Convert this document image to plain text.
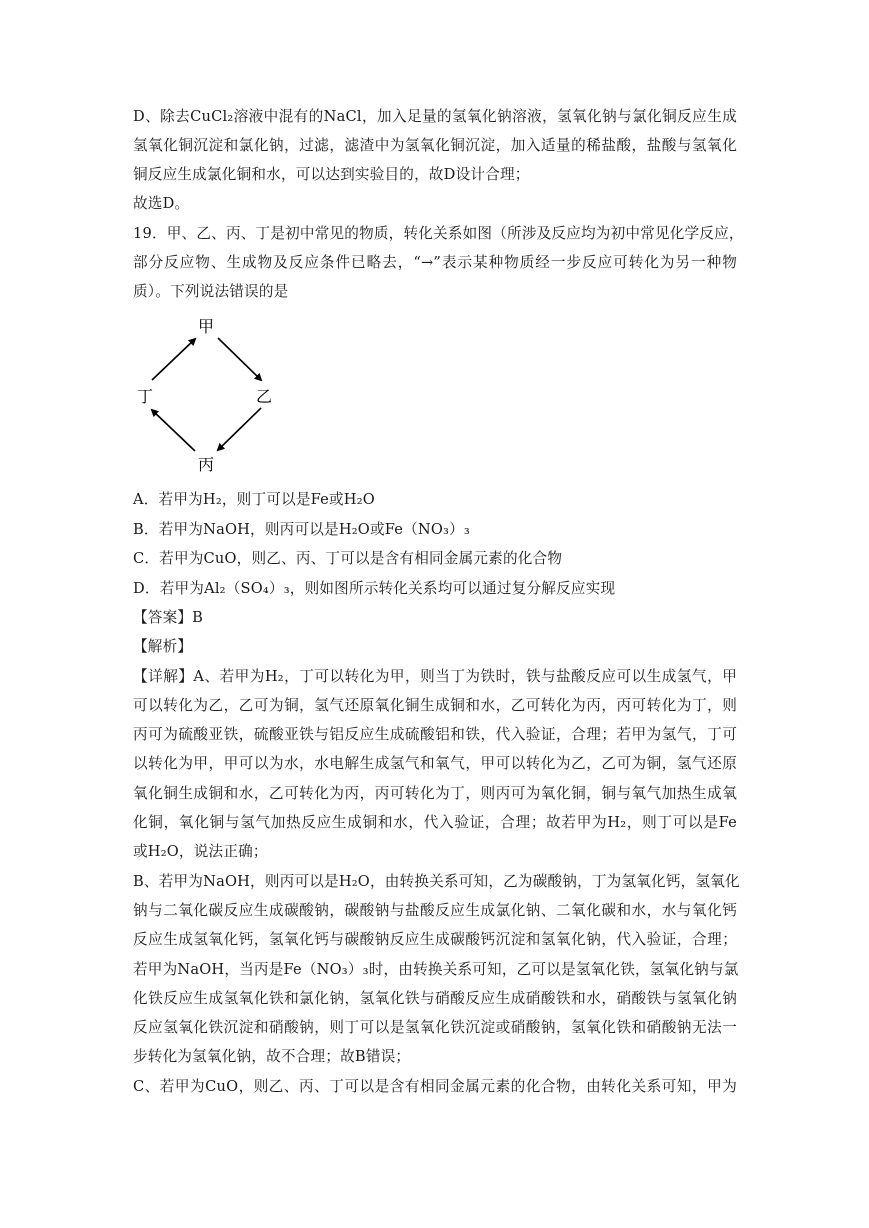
D、除去CuCl₂溶液中混有的NaCl，加入足量的氢氧化钠溶液，氢氧化钠与氯化铜反应生成
氢氧化铜沉淀和氯化钠，过滤，滤渣中为氢氧化铜沉淀，加入适量的稀盐酸，盐酸与氢氧化
铜反应生成氯化铜和水，可以达到实验目的，故D设计合理；
故选D。
19．甲、乙、丙、丁是初中常见的物质，转化关系如图（所涉及反应均为初中常见化学反应，
部分反应物、生成物及反应条件已略去，“→”表示某种物质经一步反应可转化为另一种物
质）。下列说法错误的是
甲
乙
丙
丁
A．若甲为H₂，则丁可以是Fe或H₂O
B．若甲为NaOH，则丙可以是H₂O或Fe（NO₃）₃
C．若甲为CuO，则乙、丙、丁可以是含有相同金属元素的化合物
D．若甲为Al₂（SO₄）₃，则如图所示转化关系均可以通过复分解反应实现
【答案】B
【解析】
【详解】A、若甲为H₂，丁可以转化为甲，则当丁为铁时，铁与盐酸反应可以生成氢气，甲
可以转化为乙，乙可为铜，氢气还原氧化铜生成铜和水，乙可转化为丙，丙可转化为丁，则
丙可为硫酸亚铁，硫酸亚铁与铝反应生成硫酸铝和铁，代入验证，合理；若甲为氢气，丁可
以转化为甲，甲可以为水，水电解生成氢气和氧气，甲可以转化为乙，乙可为铜，氢气还原
氧化铜生成铜和水，乙可转化为丙，丙可转化为丁，则丙可为氧化铜，铜与氧气加热生成氧
化铜，氧化铜与氢气加热反应生成铜和水，代入验证，合理；故若甲为H₂，则丁可以是Fe
或H₂O，说法正确；
B、若甲为NaOH，则丙可以是H₂O，由转换关系可知，乙为碳酸钠，丁为氢氧化钙，氢氧化
钠与二氧化碳反应生成碳酸钠，碳酸钠与盐酸反应生成氯化钠、二氧化碳和水，水与氧化钙
反应生成氢氧化钙，氢氧化钙与碳酸钠反应生成碳酸钙沉淀和氢氧化钠，代入验证，合理；
若甲为NaOH，当丙是Fe（NO₃）₃时，由转换关系可知，乙可以是氢氧化铁，氢氧化钠与氯
化铁反应生成氢氧化铁和氯化钠，氢氧化铁与硝酸反应生成硝酸铁和水，硝酸铁与氢氧化钠
反应氢氧化铁沉淀和硝酸钠，则丁可以是氢氧化铁沉淀或硝酸钠，氢氧化铁和硝酸钠无法一
步转化为氢氧化钠，故不合理；故B错误；
C、若甲为CuO，则乙、丙、丁可以是含有相同金属元素的化合物，由转化关系可知，甲为
